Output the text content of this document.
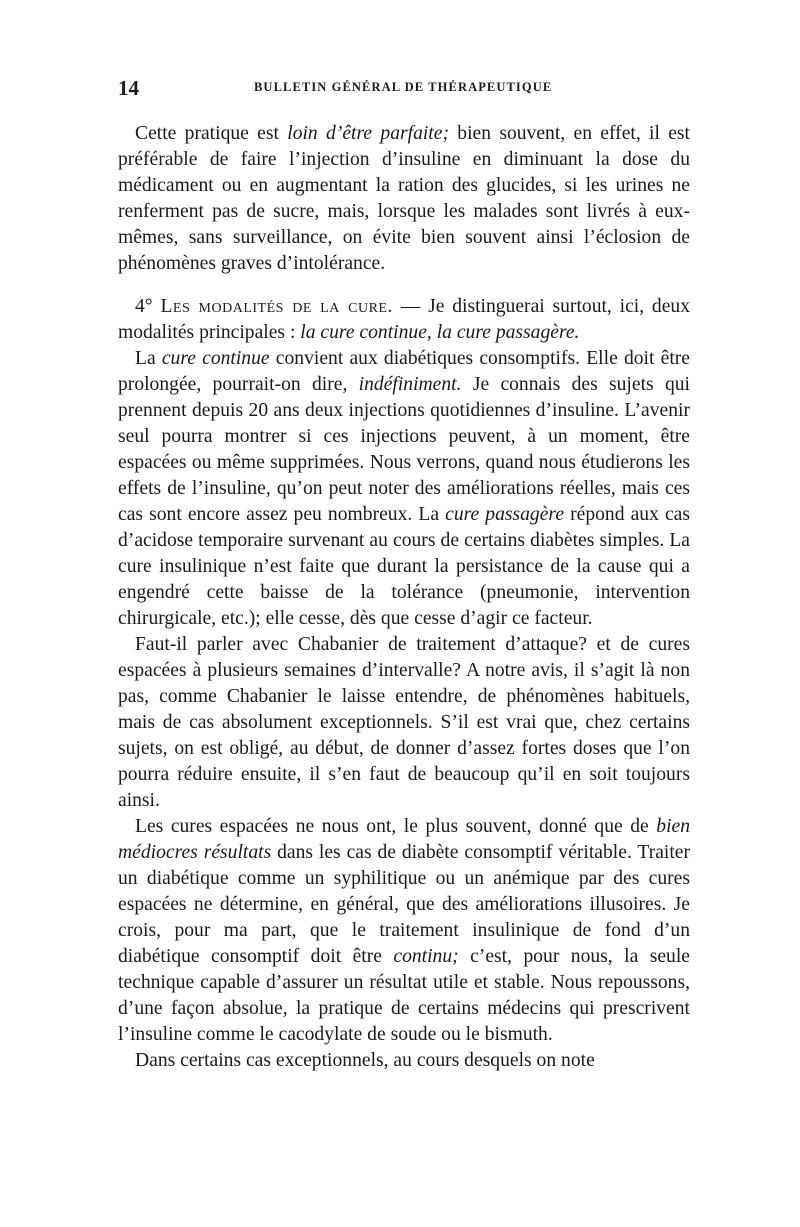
14	BULLETIN GÉNÉRAL DE THÉRAPEUTIQUE

Cette pratique est loin d’être parfaite; bien souvent, en effet, il est préférable de faire l’injection d’insuline en diminuant la dose du médicament ou en augmentant la ration des glucides, si les urines ne renferment pas de sucre, mais, lorsque les malades sont livrés à eux-mêmes, sans surveillance, on évite bien souvent ainsi l’éclosion de phénomènes graves d’intolérance.

4° Les modalités de la cure. — Je distinguerai surtout, ici, deux modalités principales : la cure continue, la cure passagère.

La cure continue convient aux diabétiques consomptifs. Elle doit être prolongée, pourrait-on dire, indéfiniment. Je connais des sujets qui prennent depuis 20 ans deux injections quotidiennes d’insuline. L’avenir seul pourra montrer si ces injections peuvent, à un moment, être espacées ou même supprimées. Nous verrons, quand nous étudierons les effets de l’insuline, qu’on peut noter des améliorations réelles, mais ces cas sont encore assez peu nombreux. La cure passagère répond aux cas d’acidose temporaire survenant au cours de certains diabètes simples. La cure insulinique n’est faite que durant la persistance de la cause qui a engendré cette baisse de la tolérance (pneumonie, intervention chirurgicale, etc.); elle cesse, dès que cesse d’agir ce facteur.

Faut-il parler avec Chabanier de traitement d’attaque? et de cures espacées à plusieurs semaines d’intervalle? A notre avis, il s’agit là non pas, comme Chabanier le laisse entendre, de phénomènes habituels, mais de cas absolument exceptionnels. S’il est vrai que, chez certains sujets, on est obligé, au début, de donner d’assez fortes doses que l’on pourra réduire ensuite, il s’en faut de beaucoup qu’il en soit toujours ainsi.

Les cures espacées ne nous ont, le plus souvent, donné que de bien médiocres résultats dans les cas de diabète consomptif véritable. Traiter un diabétique comme un syphilitique ou un anémique par des cures espacées ne détermine, en général, que des améliorations illusoires. Je crois, pour ma part, que le traitement insulinique de fond d’un diabétique consomptif doit être continu; c’est, pour nous, la seule technique capable d’assurer un résultat utile et stable. Nous repoussons, d’une façon absolue, la pratique de certains médecins qui prescrivent l’insuline comme le cacodylate de soude ou le bismuth.

Dans certains cas exceptionnels, au cours desquels on note
